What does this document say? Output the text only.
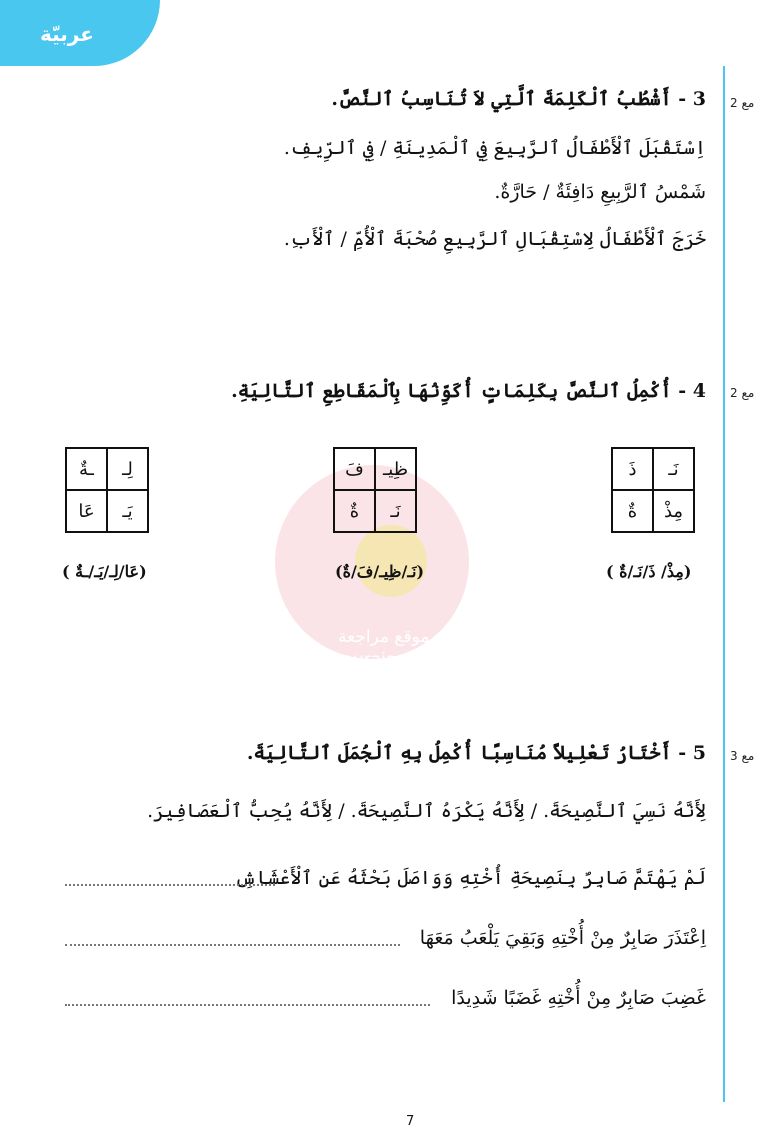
عربيّة
مع 2
مع 2
مع 3
موقع مراجعة
mourajaa.com
3 - أَشْطُبُ ٱلْكَلِمَةَ ٱلَّتِي لاَ تُنَاسِبُ ٱلنَّصَّ.
اِسْتَقْبَلَ ٱلْأَطْفَالُ ٱلرَّبِيعَ فِي ٱلْمَدِينَةِ / فِي ٱلرِّيفِ.
شَمْسُ ٱلرَّبِيعِ دَافِئَةٌ / حَارَّةٌ.
خَرَجَ ٱلْأَطْفَالُ لِاسْتِقْبَالِ ٱلرَّبِيعِ صُحْبَةَ ٱلْأُمِّ / ٱلْأَبِ.
4 - أُكْمِلُ ٱلنَّصَّ بِكَلِمَاتٍ أُكَوِّنُهَا بِٱلْمَقَاطِعِ ٱلتَّالِيَةِ.
نَـ
ذَ
مِذْ
ةٌ
ظِيـ
فَ
نَـ
ةٌ
لِـ
ـةٌ
يَـ
عَا
(مِذْ/ ذَ/نَـ/ةٌ )
(نَـ/ظِيـ/فَ/ةٌ)
(عَا/لِـ/يَـ/ـةٌ )
5 - أَخْتَارُ تَعْلِيلاً مُنَاسِبًا أُكْمِلُ بِهِ ٱلْجُمَلَ ٱلتَّالِيَةَ.
لِأَنَّهُ نَسِيَ ٱلنَّصِيحَةَ. / لِأَنَّهُ يَكْرَهُ ٱلنَّصِيحَةَ. / لِأَنَّهُ يُحِبُّ ٱلْعَصَافِيرَ.
لَمْ يَهْتَمَّ صَابِرٌ بِنَصِيحَةِ أُخْتِهِ وَوَاصَلَ بَحْثَهُ عَنِ ٱلْأَعْشَاشِ
اِعْتَذَرَ صَابِرٌ مِنْ أُخْتِهِ وَبَقِيَ يَلْعَبُ مَعَهَا
غَضِبَ صَابِرٌ مِنْ أُخْتِهِ غَضَبًا شَدِيدًا
7
